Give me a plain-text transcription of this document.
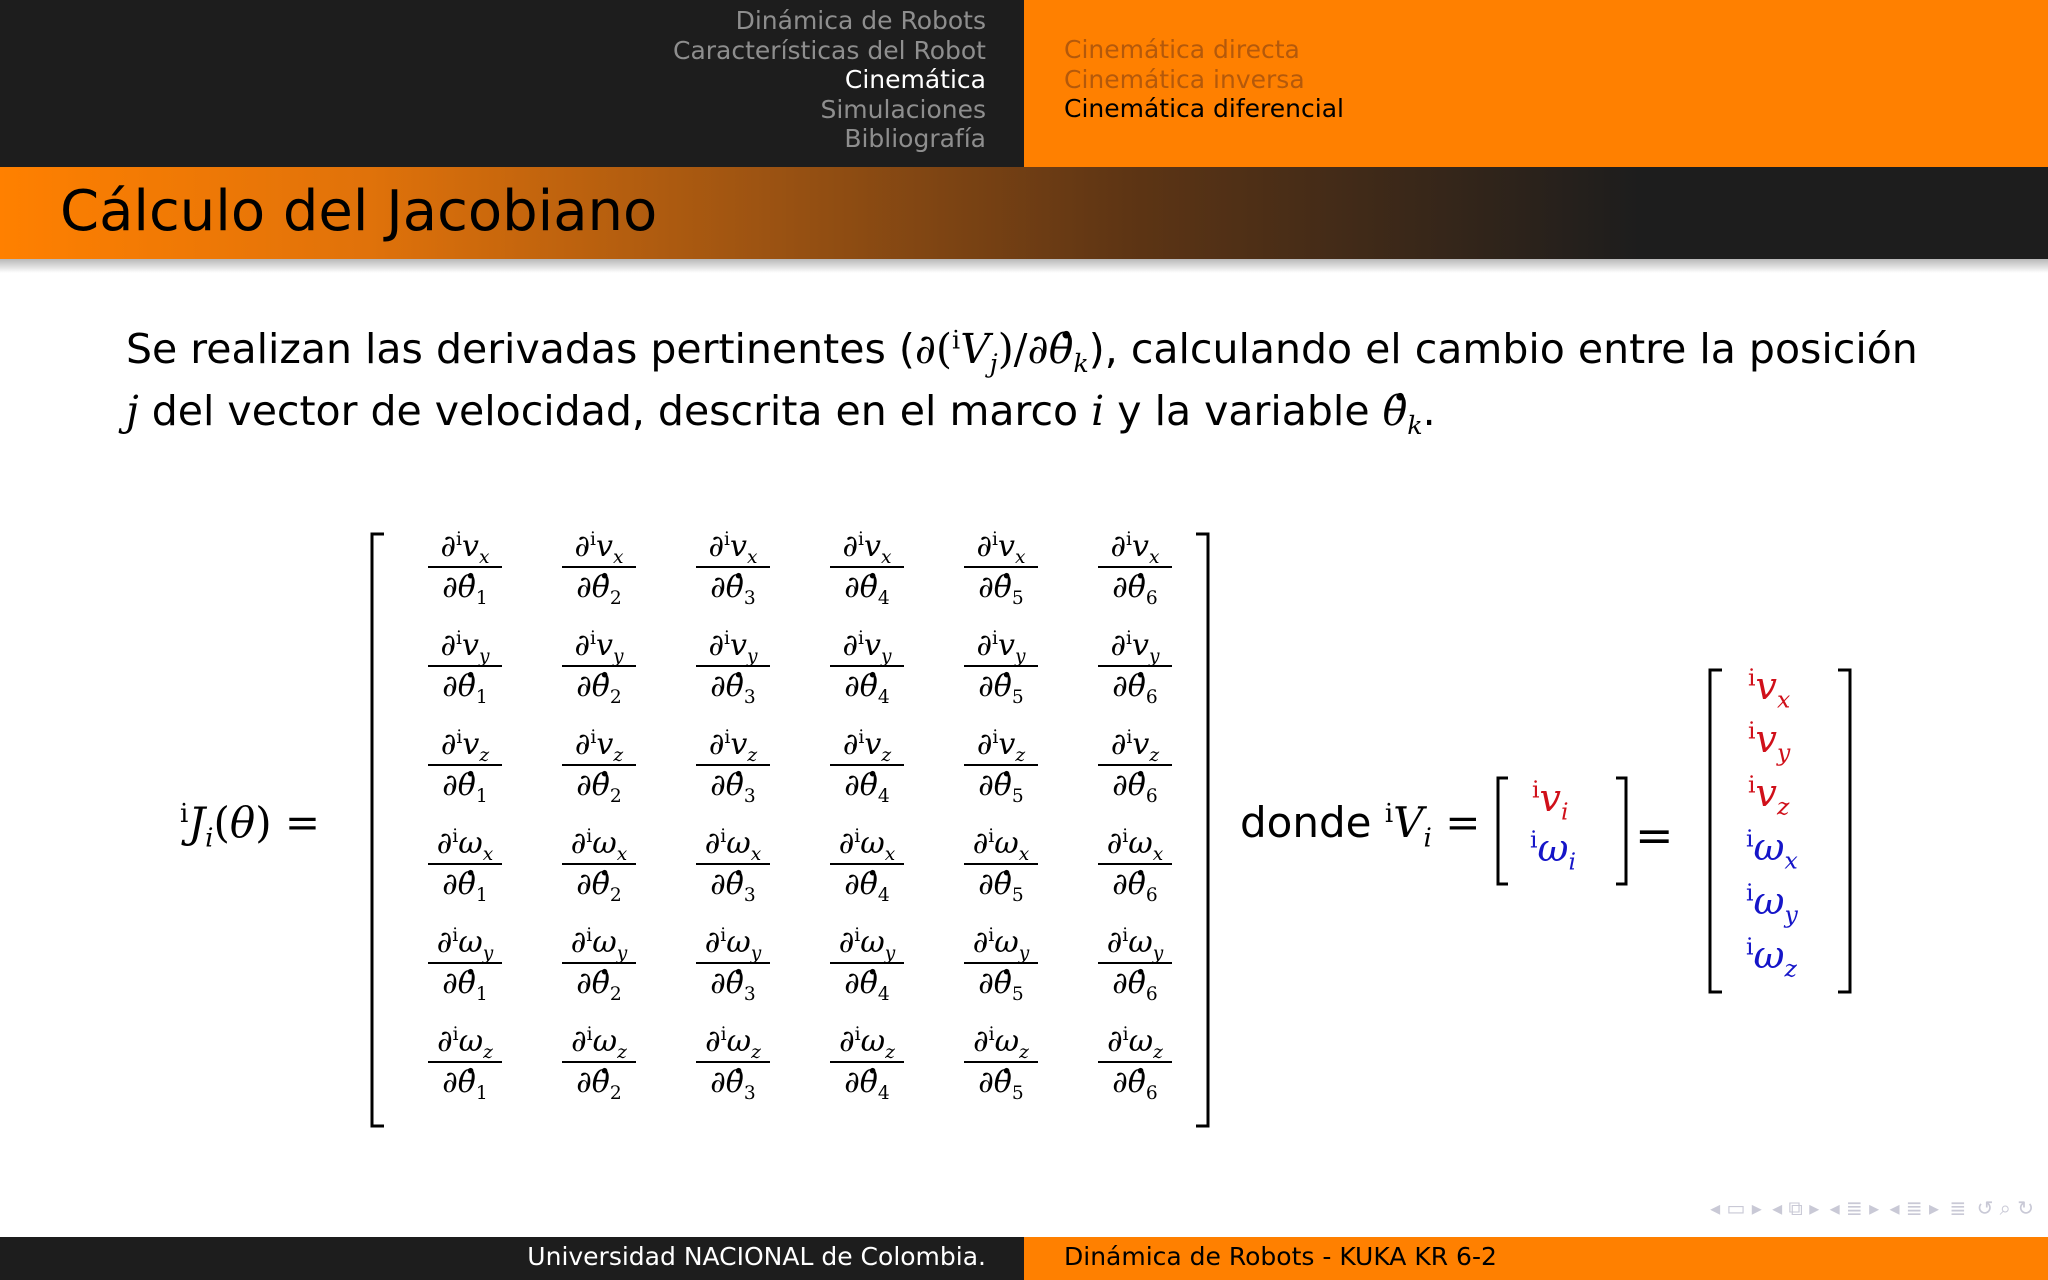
Dinámica de Robots
Características del Robot
Cinemática
Simulaciones
Bibliografía
Cinemática directa
Cinemática inversa
Cinemática diferencial
Cálculo del Jacobiano
Se realizan las derivadas pertinentes ($\partial(^iV_j)/\partial$. $\theta_k$), calculando el cambio entre la posición
j del vector de velocidad, descrita en el marco i y la variable . $\theta_k$.
$^iJ_i(\theta)$ =
$\frac{\partial^iv_x}{\partial. \theta_1} \frac{\partial^iv_x}{\partial. \theta_2} \frac{\partial^iv_x}{\partial. \theta_3} \frac{\partial^iv_x}{\partial. \theta_4} \frac{\partial^iv_x}{\partial. \theta_5} \frac{\partial^iv_x}{\partial. \theta_6}$
$\frac{\partial^iv_y}{\partial. \theta_1} \frac{\partial^iv_y}{\partial. \theta_2} \frac{\partial^iv_y}{\partial. \theta_3} \frac{\partial^iv_y}{\partial. \theta_4} \frac{\partial^iv_y}{\partial. \theta_5} \frac{\partial^iv_y}{\partial. \theta_6}$
$\frac{\partial^iv_z}{\partial. \theta_1} \frac{\partial^iv_z}{\partial. \theta_2} \frac{\partial^iv_z}{\partial. \theta_3} \frac{\partial^iv_z}{\partial. \theta_4} \frac{\partial^iv_z}{\partial. \theta_5} \frac{\partial^iv_z}{\partial. \theta_6}$
$\frac{\partial^i\omega_x}{\partial. \theta_1} \frac{\partial^i\omega_x}{\partial. \theta_2} \frac{\partial^i\omega_x}{\partial. \theta_3} \frac{\partial^i\omega_x}{\partial. \theta_4} \frac{\partial^i\omega_x}{\partial. \theta_5} \frac{\partial^i\omega_x}{\partial. \theta_6}$
$\frac{\partial^i\omega_y}{\partial. \theta_1} \frac{\partial^i\omega_y}{\partial. \theta_2} \frac{\partial^i\omega_y}{\partial. \theta_3} \frac{\partial^i\omega_y}{\partial. \theta_4} \frac{\partial^i\omega_y}{\partial. \theta_5} \frac{\partial^i\omega_y}{\partial. \theta_6}$
$\frac{\partial^i\omega_z}{\partial. \theta_1} \frac{\partial^i\omega_z}{\partial. \theta_2} \frac{\partial^i\omega_z}{\partial. \theta_3} \frac{\partial^i\omega_z}{\partial. \theta_4} \frac{\partial^i\omega_z}{\partial. \theta_5} \frac{\partial^i\omega_z}{\partial. \theta_6}$
donde $^iV_i$ =
$^iv_i$
$^i\omega_i$ =
$^iv_x$
$^iv_y$
$^iv_z$
$^i\omega_x$
$^i\omega_y$
$^i\omega_z$
◂ ▭ ▸ ◂ ⧉ ▸ ◂ ≣ ▸ ◂ ≣ ▸ ≣ ↺ ⌕ ↻
Universidad NACIONAL de Colombia.	Dinámica de Robots - KUKA KR 6-2
